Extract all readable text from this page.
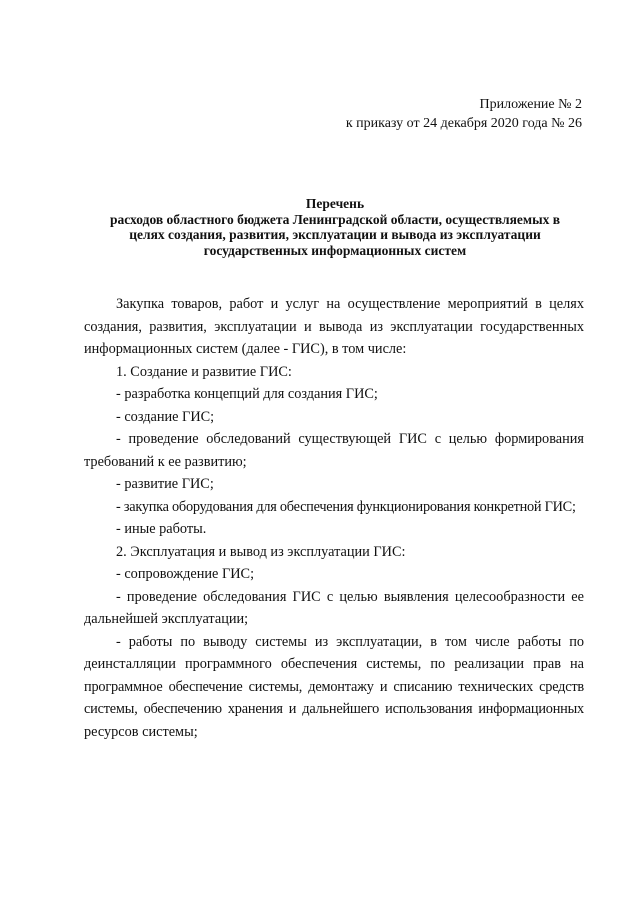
Приложение № 2
к приказу от 24 декабря 2020 года № 26
Перечень
расходов областного бюджета Ленинградской области, осуществляемых в
целях создания, развития, эксплуатации и вывода из эксплуатации
государственных информационных систем
Закупка товаров, работ и услуг на осуществление мероприятий в целях
создания, развития, эксплуатации и вывода из эксплуатации государственных
информационных систем (далее - ГИС), в том числе:
1. Создание и развитие ГИС:
- разработка концепций для создания ГИС;
- создание ГИС;
- проведение обследований существующей ГИС с целью формирования
требований к ее развитию;
- развитие ГИС;
- закупка оборудования для обеспечения функционирования конкретной ГИС;
- иные работы.
2. Эксплуатация и вывод из эксплуатации ГИС:
- сопровождение ГИС;
- проведение обследования ГИС с целью выявления целесообразности ее
дальнейшей эксплуатации;
- работы по выводу системы из эксплуатации, в том числе работы по
деинсталляции программного обеспечения системы, по реализации прав на
программное обеспечение системы, демонтажу и списанию технических средств
системы, обеспечению хранения и дальнейшего использования информационных
ресурсов системы;
